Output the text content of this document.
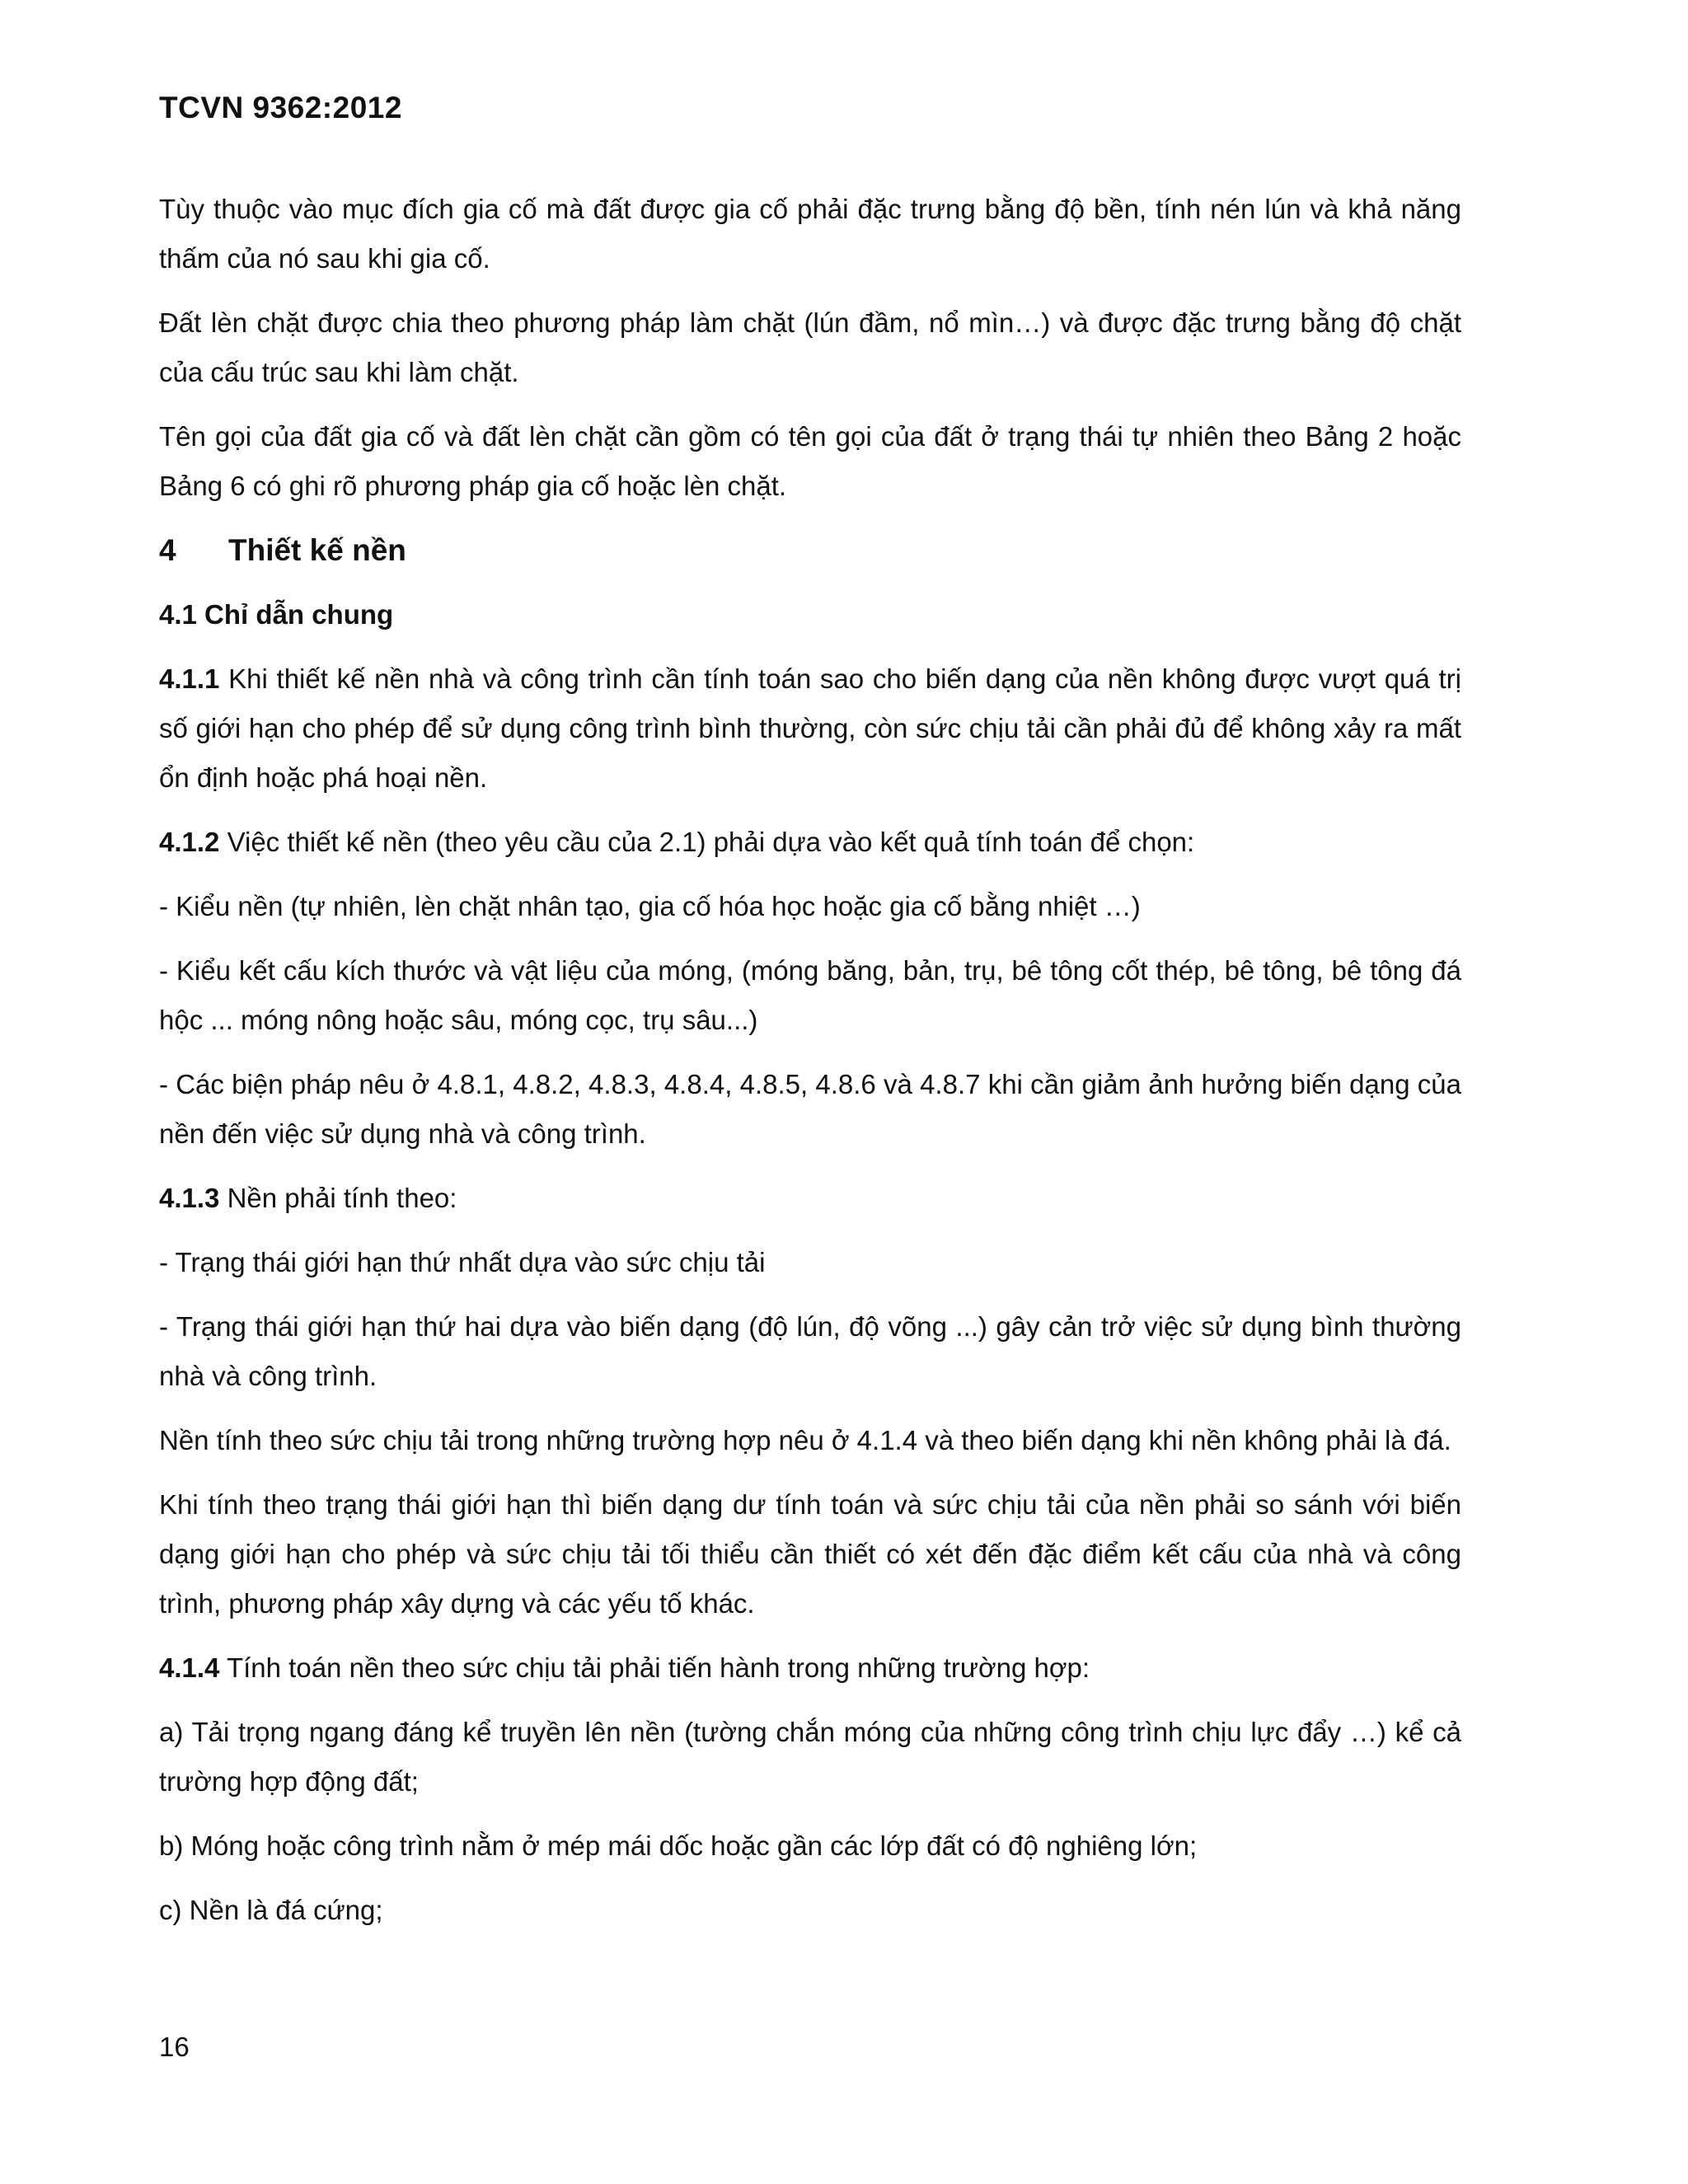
TCVN 9362:2012

Tùy thuộc vào mục đích gia cố mà đất được gia cố phải đặc trưng bằng độ bền, tính nén lún và khả năng thấm của nó sau khi gia cố.

Đất lèn chặt được chia theo phương pháp làm chặt (lún đầm, nổ mìn…) và được đặc trưng bằng độ chặt của cấu trúc sau khi làm chặt.

Tên gọi của đất gia cố và đất lèn chặt cần gồm có tên gọi của đất ở trạng thái tự nhiên theo Bảng 2 hoặc Bảng 6 có ghi rõ phương pháp gia cố hoặc lèn chặt.

4 Thiết kế nền
4.1 Chỉ dẫn chung

4.1.1 Khi thiết kế nền nhà và công trình cần tính toán sao cho biến dạng của nền không được vượt quá trị số giới hạn cho phép để sử dụng công trình bình thường, còn sức chịu tải cần phải đủ để không xảy ra mất ổn định hoặc phá hoại nền.

4.1.2 Việc thiết kế nền (theo yêu cầu của 2.1) phải dựa vào kết quả tính toán để chọn:

- Kiểu nền (tự nhiên, lèn chặt nhân tạo, gia cố hóa học hoặc gia cố bằng nhiệt …)

- Kiểu kết cấu kích thước và vật liệu của móng, (móng băng, bản, trụ, bê tông cốt thép, bê tông, bê tông đá hộc ... móng nông hoặc sâu, móng cọc, trụ sâu...)

- Các biện pháp nêu ở 4.8.1, 4.8.2, 4.8.3, 4.8.4, 4.8.5, 4.8.6 và 4.8.7 khi cần giảm ảnh hưởng biến dạng của nền đến việc sử dụng nhà và công trình.

4.1.3 Nền phải tính theo:

- Trạng thái giới hạn thứ nhất dựa vào sức chịu tải

- Trạng thái giới hạn thứ hai dựa vào biến dạng (độ lún, độ võng ...) gây cản trở việc sử dụng bình thường nhà và công trình.

Nền tính theo sức chịu tải trong những trường hợp nêu ở 4.1.4 và theo biến dạng khi nền không phải là đá.

Khi tính theo trạng thái giới hạn thì biến dạng dư tính toán và sức chịu tải của nền phải so sánh với biến dạng giới hạn cho phép và sức chịu tải tối thiểu cần thiết có xét đến đặc điểm kết cấu của nhà và công trình, phương pháp xây dựng và các yếu tố khác.

4.1.4 Tính toán nền theo sức chịu tải phải tiến hành trong những trường hợp:

a) Tải trọng ngang đáng kể truyền lên nền (tường chắn móng của những công trình chịu lực đẩy …) kể cả trường hợp động đất;

b) Móng hoặc công trình nằm ở mép mái dốc hoặc gần các lớp đất có độ nghiêng lớn;

c) Nền là đá cứng;

16
